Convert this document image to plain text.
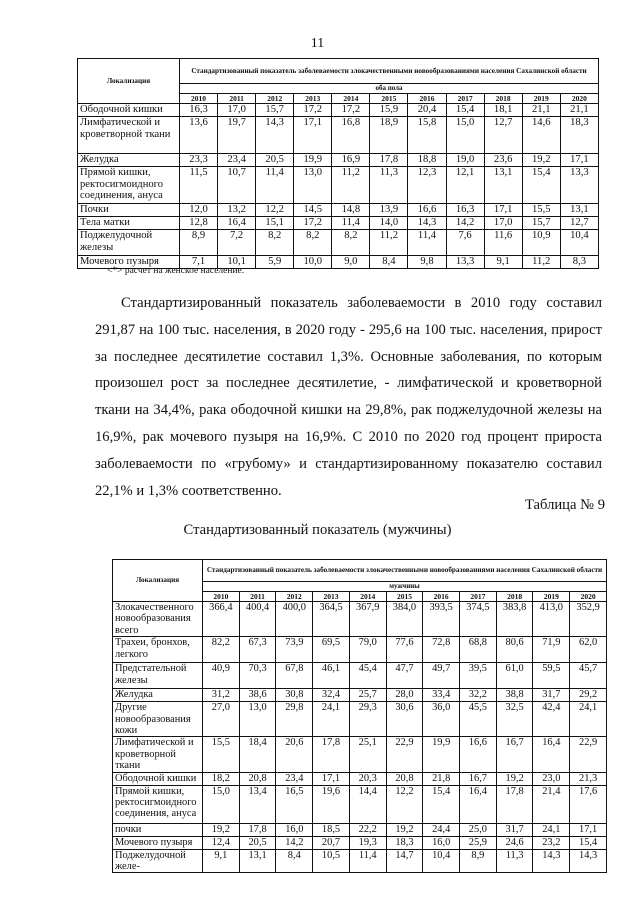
11
Локализация	Стандартизованный показатель заболеваемости злокачественными новообразованиями населения Сахалинской области										
	оба пола										
	2010	2011	2012	2013	2014	2015	2016	2017	2018	2019	2020
Ободочной кишки	16,3	17,0	15,7	17,2	17,2	15,9	20,4	15,4	18,1	21,1	21,1
Лимфатической и кроветворной ткани	13,6	19,7	14,3	17,1	16,8	18,9	15,8	15,0	12,7	14,6	18,3
Желудка	23,3	23,4	20,5	19,9	16,9	17,8	18,8	19,0	23,6	19,2	17,1
Прямой кишки, ректосигмоидного соединения, ануса	11,5	10,7	11,4	13,0	11,2	11,3	12,3	12,1	13,1	15,4	13,3
Почки	12,0	13,2	12,2	14,5	14,8	13,9	16,6	16,3	17,1	15,5	13,1
Тела матки	12,8	16,4	15,1	17,2	11,4	14,0	14,3	14,2	17,0	15,7	12,7
Поджелудочной железы	8,9	7,2	8,2	8,2	8,2	11,2	11,4	7,6	11,6	10,9	10,4
Мочевого пузыря	7,1	10,1	5,9	10,0	9,0	8,4	9,8	13,3	9,1	11,2	8,3
<*> расчет на женское население.

Стандартизированный показатель заболеваемости в 2010 году составил 291,87 на 100 тыс. населения, в 2020 году - 295,6 на 100 тыс. населения, прирост за последнее десятилетие составил 1,3%. Основные заболевания, по которым произошел рост за последнее десятилетие, - лимфатической и кроветворной ткани на 34,4%, рака ободочной кишки на 29,8%, рак поджелудочной железы на 16,9%, рак мочевого пузыря на 16,9%. С 2010 по 2020 год процент прироста заболеваемости по «грубому» и стандартизированному показателю составил 22,1% и 1,3% соответственно.

Таблица № 9
Стандартизованный показатель (мужчины)
Локализация	Стандартизованный показатель заболеваемости злокачественными новообразованиями населения Сахалинской области										
	мужчины										
	2010	2011	2012	2013	2014	2015	2016	2017	2018	2019	2020
Злокачественного новообразования всего	366,4	400,4	400,0	364,5	367,9	384,0	393,5	374,5	383,8	413,0	352,9
Трахеи, бронхов, легкого	82,2	67,3	73,9	69,5	79,0	77,6	72,8	68,8	80,6	71,9	62,0
Предстательной железы	40,9	70,3	67,8	46,1	45,4	47,7	49,7	39,5	61,0	59,5	45,7
Желудка	31,2	38,6	30,8	32,4	25,7	28,0	33,4	32,2	38,8	31,7	29,2
Другие новообразования кожи	27,0	13,0	29,8	24,1	29,3	30,6	36,0	45,5	32,5	42,4	24,1
Лимфатической и кроветворной ткани	15,5	18,4	20,6	17,8	25,1	22,9	19,9	16,6	16,7	16,4	22,9
Ободочной кишки	18,2	20,8	23,4	17,1	20,3	20,8	21,8	16,7	19,2	23,0	21,3
Прямой кишки, ректосигмоидного соединения, ануса	15,0	13,4	16,5	19,6	14,4	12,2	15,4	16,4	17,8	21,4	17,6
почки	19,2	17,8	16,0	18,5	22,2	19,2	24,4	25,0	31,7	24,1	17,1
Мочевого пузыря	12,4	20,5	14,2	20,7	19,3	18,3	16,0	25,9	24,6	23,2	15,4
Поджелудочной желе-	9,1	13,1	8,4	10,5	11,4	14,7	10,4	8,9	11,3	14,3	14,3
